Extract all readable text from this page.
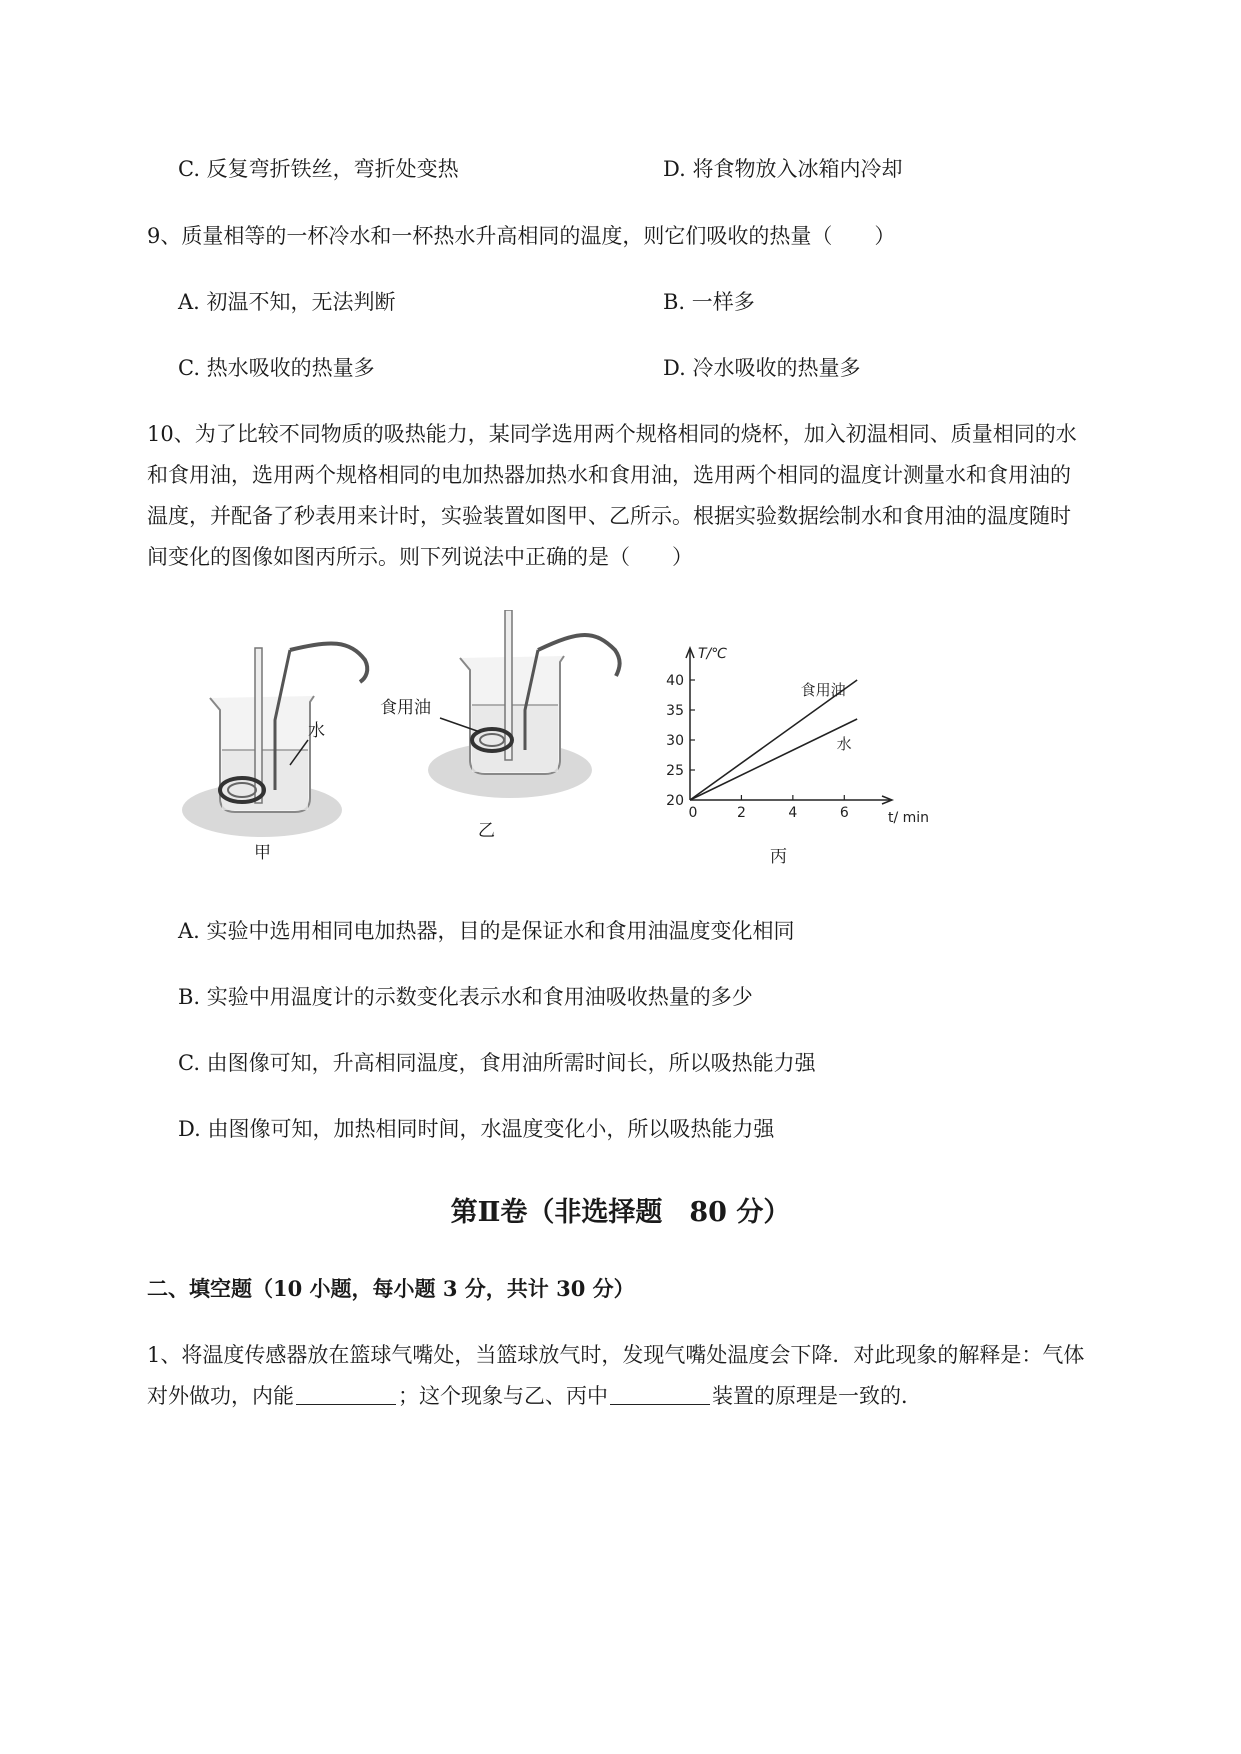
C. 反复弯折铁丝，弯折处变热	D. 将食物放入冰箱内冷却
9、质量相等的一杯冷水和一杯热水升高相同的温度，则它们吸收的热量（　　）
A. 初温不知，无法判断	B. 一样多
C. 热水吸收的热量多	D. 冷水吸收的热量多
10、为了比较不同物质的吸热能力，某同学选用两个规格相同的烧杯，加入初温相同、质量相同的水
和食用油，选用两个规格相同的电加热器加热水和食用油，选用两个相同的温度计测量水和食用油的
温度，并配备了秒表用来计时，实验装置如图甲、乙所示。根据实验数据绘制水和食用油的温度随时
间变化的图像如图丙所示。则下列说法中正确的是（　　）
水
甲
食用油
乙
20
25
30
35
40
0	2	4	6
T/℃
t/ min
食用油
水
丙
A. 实验中选用相同电加热器，目的是保证水和食用油温度变化相同
B. 实验中用温度计的示数变化表示水和食用油吸收热量的多少
C. 由图像可知，升高相同温度，食用油所需时间长，所以吸热能力强
D. 由图像可知，加热相同时间，水温度变化小，所以吸热能力强
第Ⅱ卷（非选择题　80 分）
二、填空题（10 小题，每小题 3 分，共计 30 分）
1、将温度传感器放在篮球气嘴处，当篮球放气时，发现气嘴处温度会下降．对此现象的解释是：气体
对外做功，内能	；这个现象与乙、丙中	装置的原理是一致的．
